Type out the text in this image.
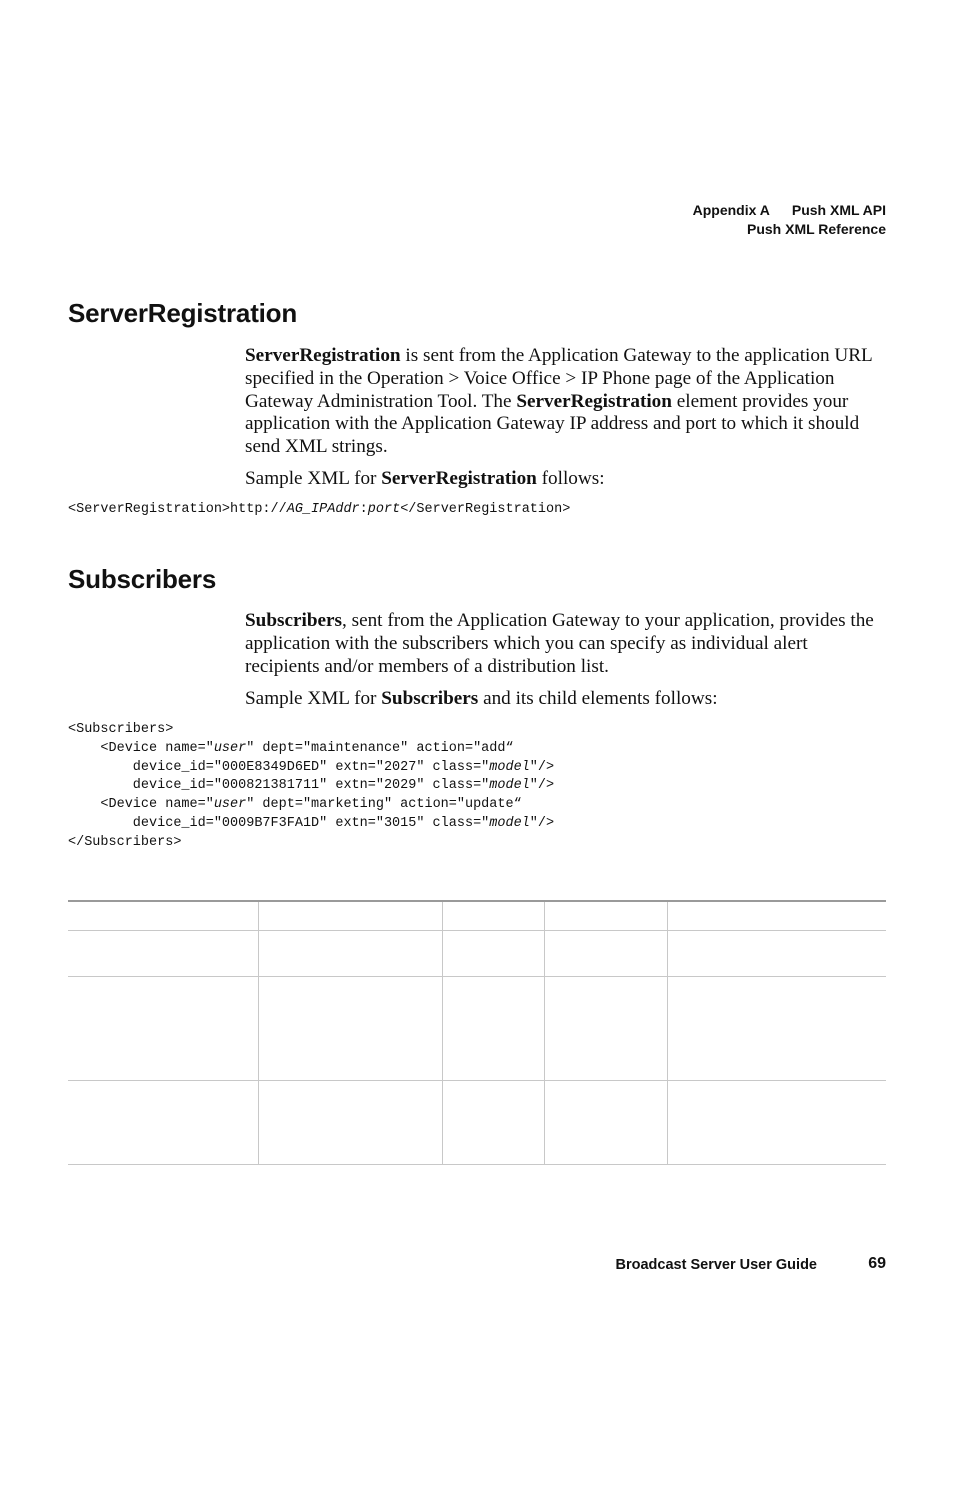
Appendix A Push XML API
Push XML Reference
ServerRegistration

ServerRegistration is sent from the Application Gateway to the application URL specified in the Operation > Voice Office > IP Phone page of the Application Gateway Administration Tool. The ServerRegistration element provides your application with the Application Gateway IP address and port to which it should send XML strings.

Sample XML for ServerRegistration follows:

<ServerRegistration>http://AG_IPAddr:port</ServerRegistration>
Subscribers

Subscribers, sent from the Application Gateway to your application, provides the application with the subscribers which you can specify as individual alert recipients and/or members of a distribution list.

Sample XML for Subscribers and its child elements follows:

<Subscribers>
<Device name="user" dept="maintenance" action="add“
device_id="000E8349D6ED" extn="2027" class="model"/>
device_id="000821381711" extn="2029" class="model"/>
<Device name="user" dept="marketing" action="update“
device_id="0009B7F3FA1D" extn="3015" class="model"/>
</Subscribers>
Broadcast Server User Guide	69
